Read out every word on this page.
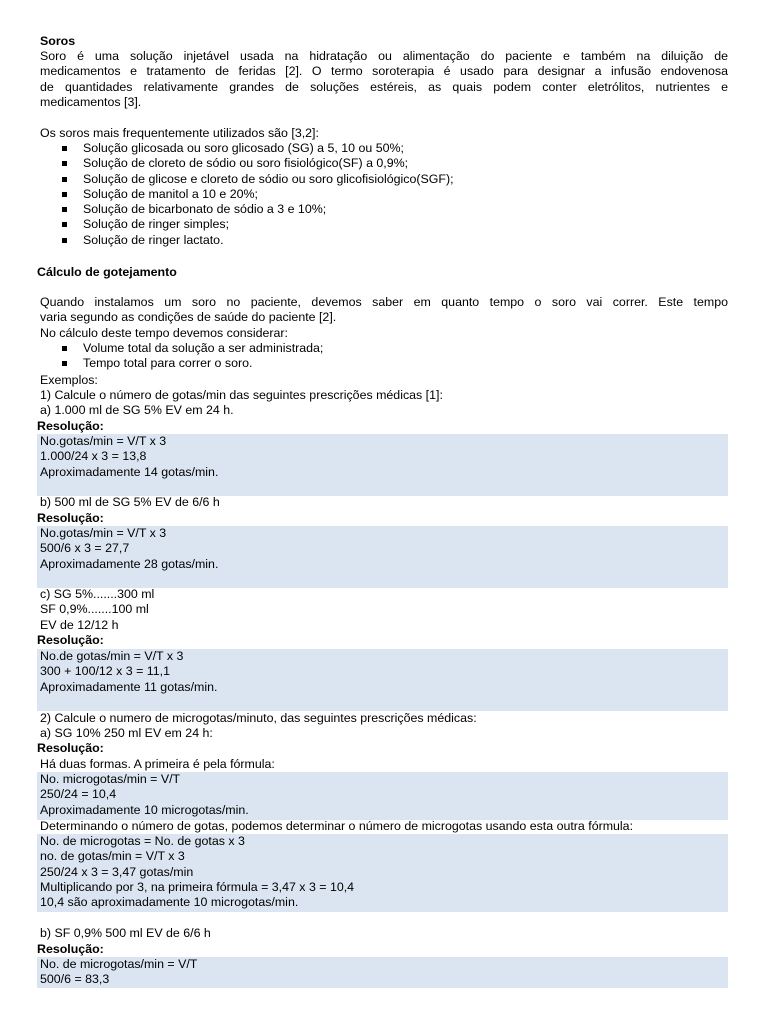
Soros
Soro é uma solução injetável usada na hidratação ou alimentação do paciente e também na diluição de
medicamentos e tratamento de feridas [2]. O termo soroterapia é usado para designar a infusão endovenosa
de quantidades relativamente grandes de soluções estéreis, as quais podem conter eletrólitos, nutrientes e
medicamentos [3].
Os soros mais frequentemente utilizados são [3,2]:
Solução glicosada ou soro glicosado (SG) a 5, 10 ou 50%;
Solução de cloreto de sódio ou soro fisiológico(SF) a 0,9%;
Solução de glicose e cloreto de sódio ou soro glicofisiológico(SGF);
Solução de manitol a 10 e 20%;
Solução de bicarbonato de sódio a 3 e 10%;
Solução de ringer simples;
Solução de ringer lactato.
Cálculo de gotejamento
Quando instalamos um soro no paciente, devemos saber em quanto tempo o soro vai correr. Este tempo
varia segundo as condições de saúde do paciente [2].
No cálculo deste tempo devemos considerar:
Volume total da solução a ser administrada;
Tempo total para correr o soro.
Exemplos:
1) Calcule o número de gotas/min das seguintes prescrições médicas [1]:
a) 1.000 ml de SG 5% EV em 24 h.
Resolução:
No.gotas/min = V/T x 3
1.000/24 x 3 = 13,8
Aproximadamente 14 gotas/min.
b) 500 ml de SG 5% EV de 6/6 h
Resolução:
No.gotas/min = V/T x 3
500/6 x 3 = 27,7
Aproximadamente 28 gotas/min.
c) SG 5%.......300 ml
SF 0,9%.......100 ml
EV de 12/12 h
Resolução:
No.de gotas/min = V/T x 3
300 + 100/12 x 3 = 11,1
Aproximadamente 11 gotas/min.
2) Calcule o numero de microgotas/minuto, das seguintes prescrições médicas:
a) SG 10% 250 ml EV em 24 h:
Resolução:
Há duas formas. A primeira é pela fórmula:
No. microgotas/min = V/T
250/24 = 10,4
Aproximadamente 10 microgotas/min.
Determinando o número de gotas, podemos determinar o número de microgotas usando esta outra fórmula:
No. de microgotas = No. de gotas x 3
no. de gotas/min = V/T x 3
250/24 x 3 = 3,47 gotas/min
Multiplicando por 3, na primeira fórmula = 3,47 x 3 = 10,4
10,4 são aproximadamente 10 microgotas/min.
b) SF 0,9% 500 ml EV de 6/6 h
Resolução:
No. de microgotas/min = V/T
500/6 = 83,3
